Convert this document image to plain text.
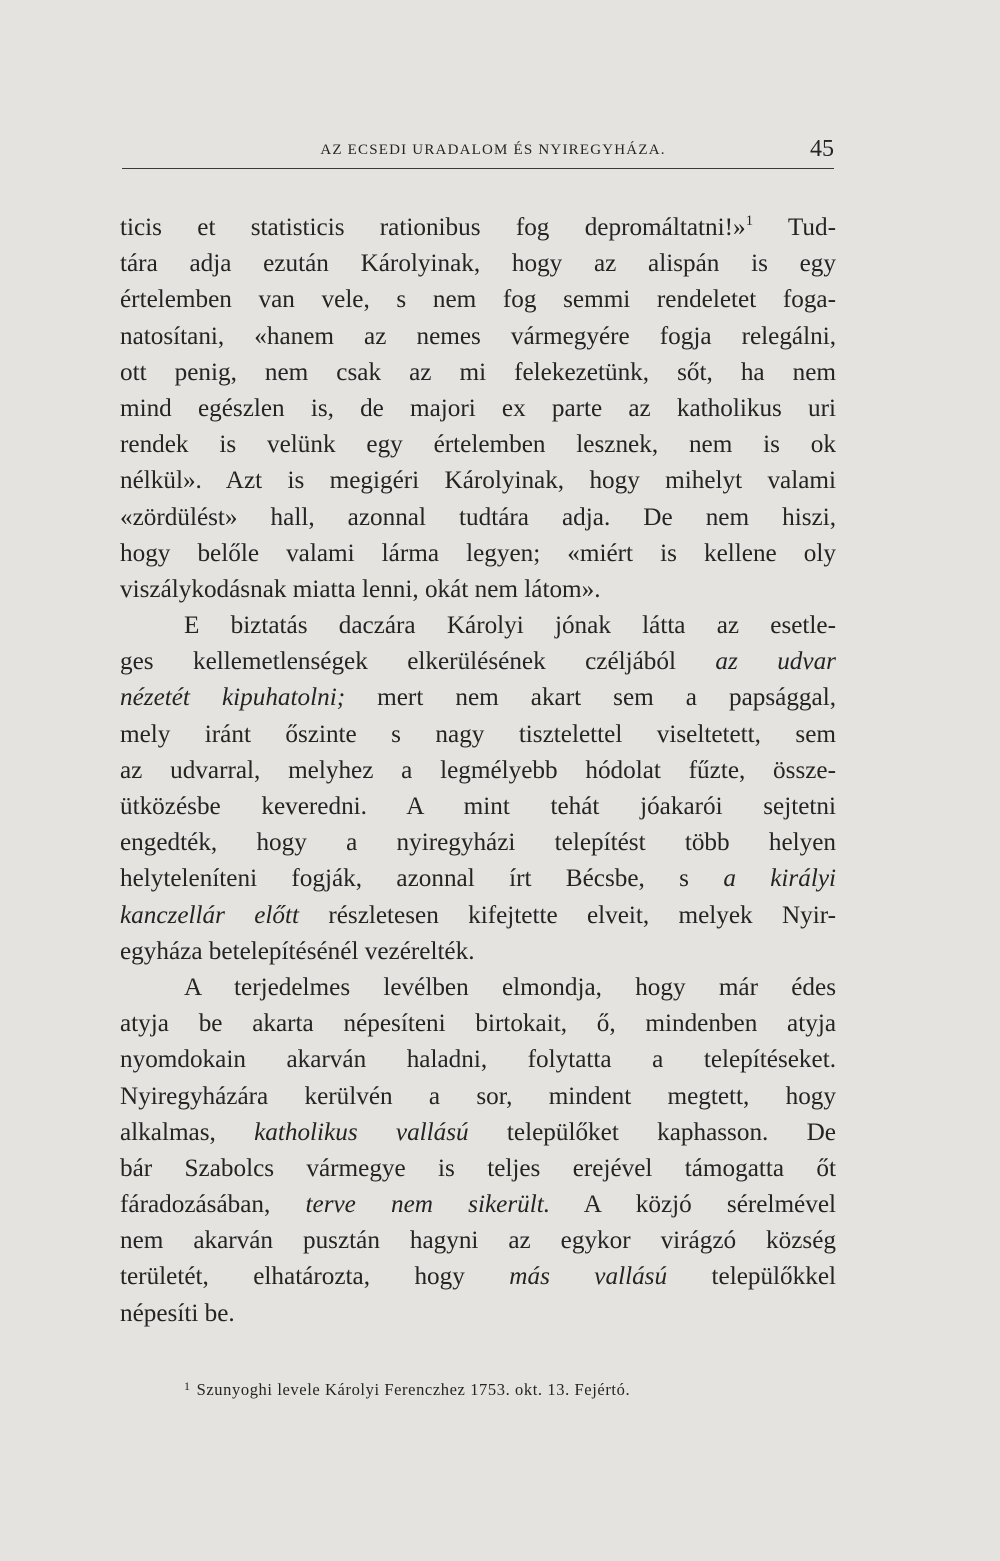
AZ ECSEDI URADALOM ÉS NYIREGYHÁZA.	45
ticis et statisticis rationibus fog depromáltatni!»$^1$ Tud-
tára adja ezután Károlyinak, hogy az alispán is egy
értelemben van vele, s nem fog semmi rendeletet foga-
natosítani, «hanem az nemes vármegyére fogja relegálni,
ott penig, nem csak az mi felekezetünk, sőt, ha nem
mind egészlen is, de majori ex parte az katholikus uri
rendek is velünk egy értelemben lesznek, nem is ok
nélkül». Azt is megigéri Károlyinak, hogy mihelyt valami
«zördülést» hall, azonnal tudtára adja. De nem hiszi,
hogy belőle valami lárma legyen; «miért is kellene oly
viszálykodásnak miatta lenni, okát nem látom».
E biztatás daczára Károlyi jónak látta az esetle-
ges kellemetlenségek elkerülésének czéljából az udvar
nézetét kipuhatolni; mert nem akart sem a papsággal,
mely iránt őszinte s nagy tisztelettel viseltetett, sem
az udvarral, melyhez a legmélyebb hódolat fűzte, össze-
ütközésbe keveredni. A mint tehát jóakarói sejtetni
engedték, hogy a nyiregyházi telepítést több helyen
helyteleníteni fogják, azonnal írt Bécsbe, s a királyi
kanczellár előtt részletesen kifejtette elveit, melyek Nyir-
egyháza betelepítésénél vezérelték.
A terjedelmes levélben elmondja, hogy már édes
atyja be akarta népesíteni birtokait, ő, mindenben atyja
nyomdokain akarván haladni, folytatta a telepítéseket.
Nyiregyházára kerülvén a sor, mindent megtett, hogy
alkalmas, katholikus vallású települőket kaphasson. De
bár Szabolcs vármegye is teljes erejével támogatta őt
fáradozásában, terve nem sikerült. A közjó sérelmével
nem akarván pusztán hagyni az egykor virágzó község
területét, elhatározta, hogy más vallású települőkkel
népesíti be.
$^1$ Szunyoghi levele Károlyi Ferenczhez 1753. okt. 13. Fejértó.
